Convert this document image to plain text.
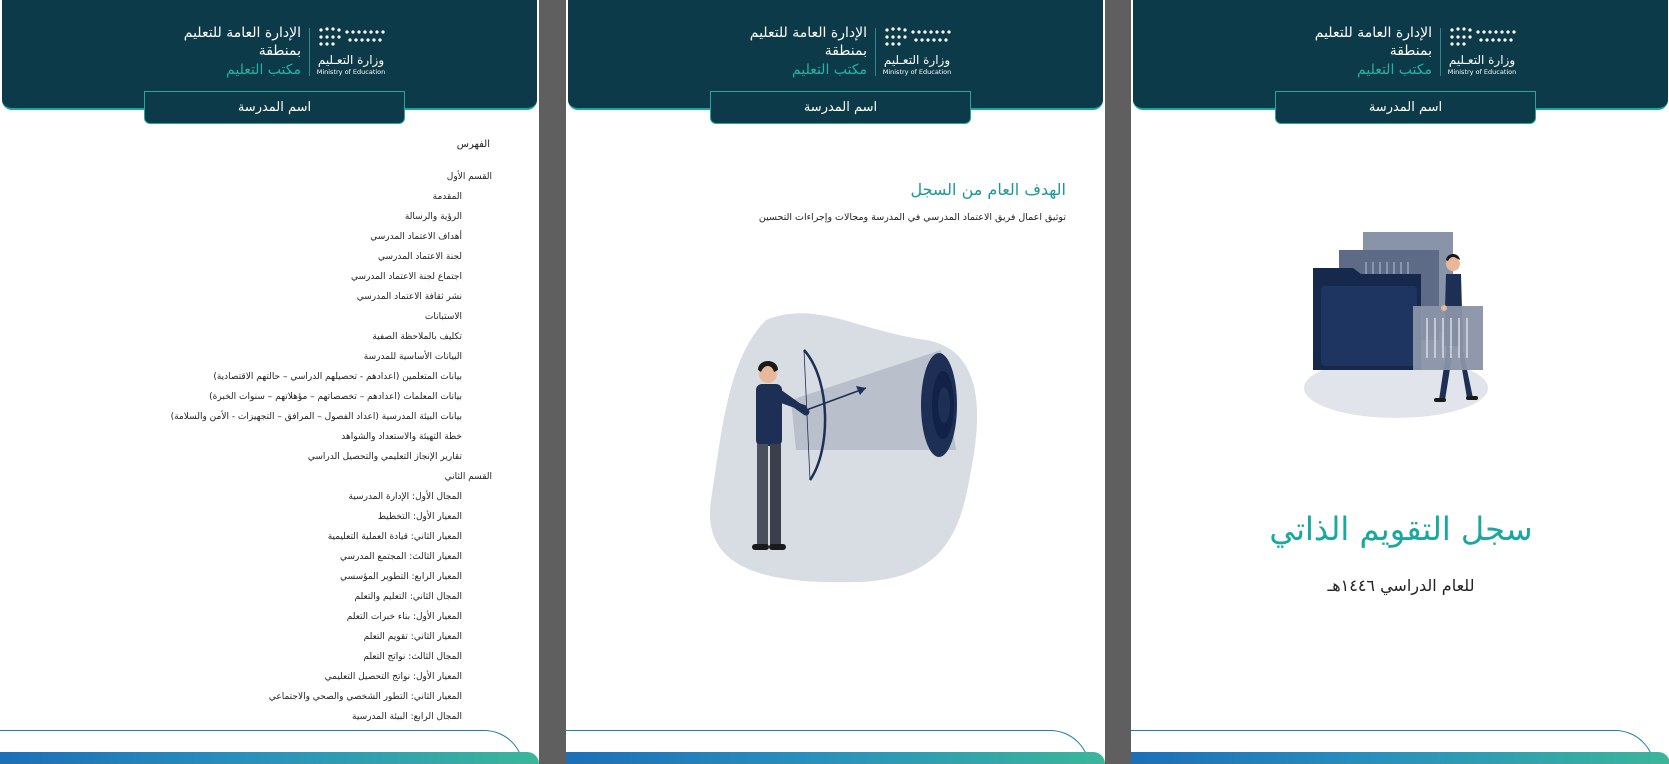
الإدارة العامة للتعليم بمنطقة
مكتب التعليم
وزارة التعـليم
Ministry of Education
اسم المدرسة
الفهرس
القسم الأول
المقدمة
الرؤية والرسالة
أهداف الاعتماد المدرسي
لجنة الاعتماد المدرسي
اجتماع لجنة الاعتماد المدرسي
نشر ثقافة الاعتماد المدرسي
الاستبانات
تكليف بالملاحظة الصفية
البيانات الأساسية للمدرسة
بيانات المتعلمين (اعدادهم - تحصيلهم الدراسي – حالتهم الاقتصادية)
بيانات المعلمات (اعدادهم – تخصصاتهم – مؤهلاتهم – سنوات الخبرة)
بيانات البيئة المدرسية (اعداد الفصول – المرافق – التجهيزات - الأمن والسلامة)
خطة التهيئة والاستعداد والشواهد
تقارير الإنجاز التعليمي والتحصيل الدراسي
القسم الثاني
المجال الأول: الإدارة المدرسية
المعيار الأول: التخطيط
المعيار الثاني: قيادة العملية التعليمية
المعيار الثالث: المجتمع المدرسي
المعيار الرابع: التطوير المؤسسي
المجال الثاني: التعليم والتعلم
المعيار الأول: بناء خبرات التعلم
المعيار الثاني: تقويم التعلم
المجال الثالث: نواتج التعلم
المعيار الأول: نواتج التحصيل التعليمي
المعيار الثاني: التطور الشخصي والصحي والاجتماعي
المجال الرابع: البيئة المدرسية
الإدارة العامة للتعليم بمنطقة
مكتب التعليم
وزارة التعـليم
Ministry of Education
اسم المدرسة
الهدف العام من السجل
توثيق اعمال فريق الاعتماد المدرسي في المدرسة ومجالات وإجراءات التحسين
الإدارة العامة للتعليم بمنطقة
مكتب التعليم
وزارة التعـليم
Ministry of Education
اسم المدرسة
سجل التقويم الذاتي
للعام الدراسي ١٤٤٦هـ
